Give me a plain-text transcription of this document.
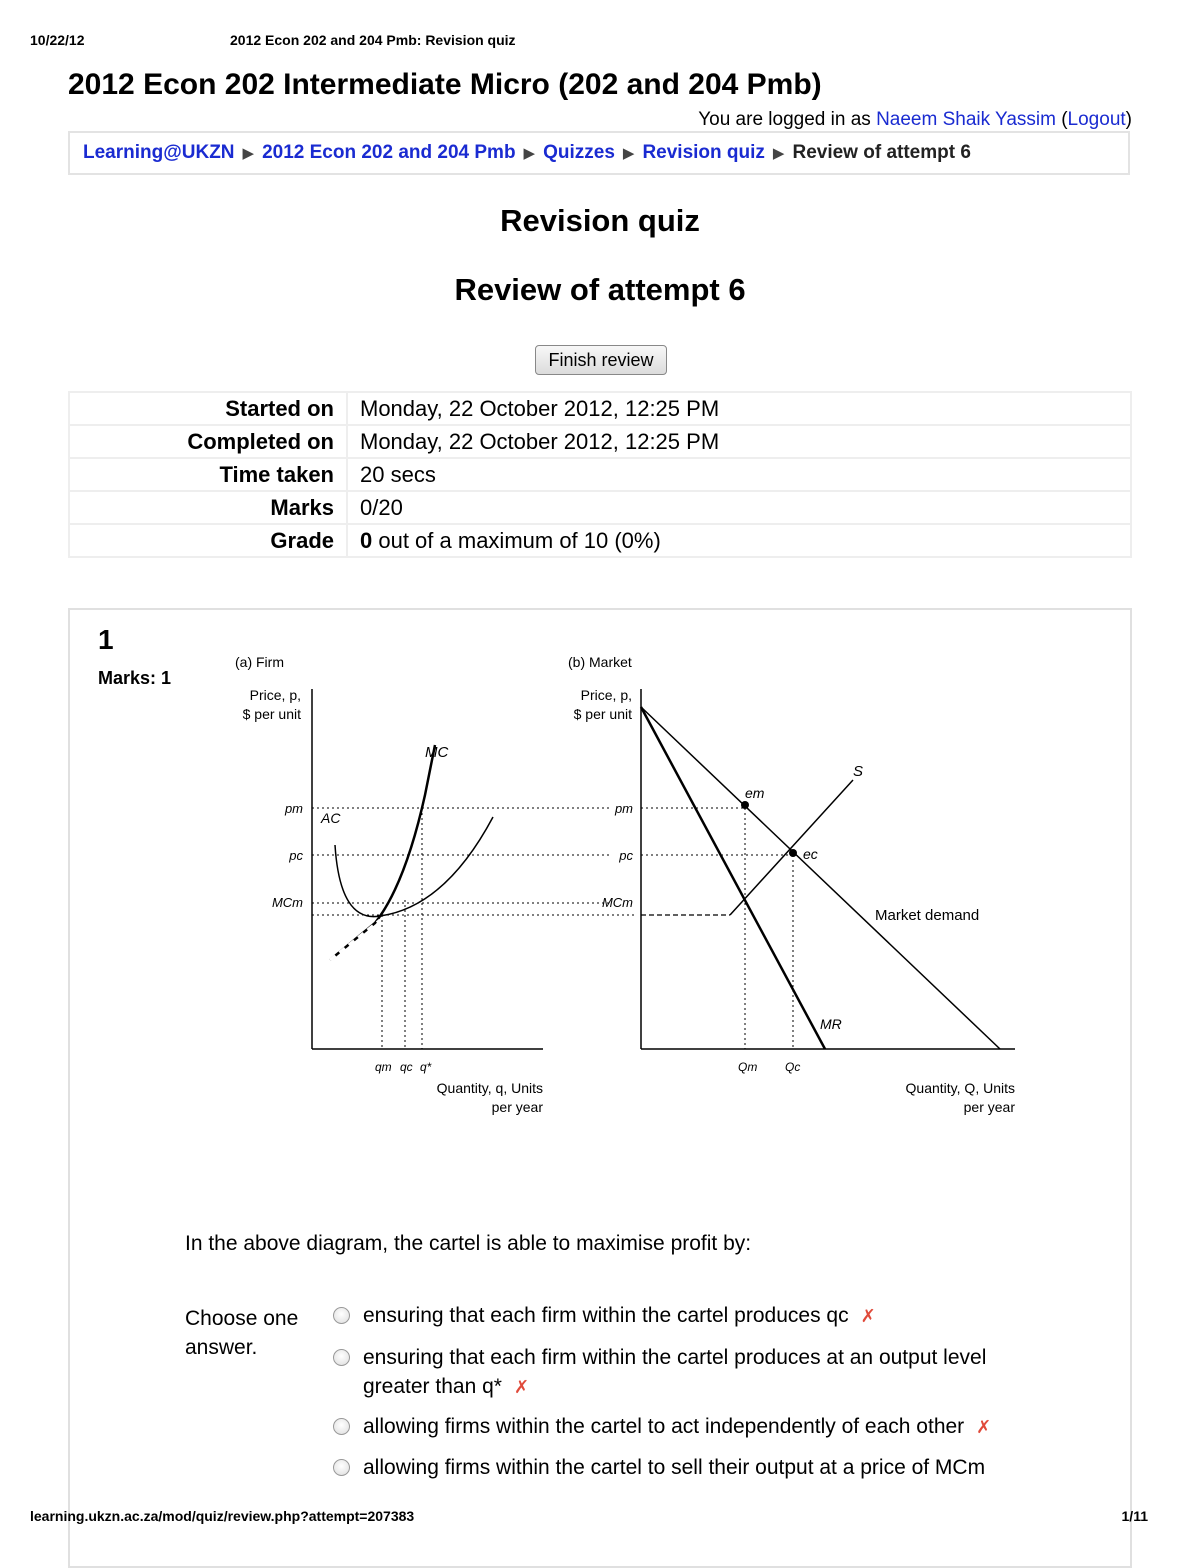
10/22/12	2012 Econ 202 and 204 Pmb: Revision quiz
2012 Econ 202 Intermediate Micro (202 and 204 Pmb)
You are logged in as Naeem Shaik Yassim (Logout)
Learning@UKZN ▶ 2012 Econ 202 and 204 Pmb ▶ Quizzes ▶ Revision quiz ▶ Review of attempt 6
Revision quiz
Review of attempt 6
Finish review
Started on	Monday, 22 October 2012, 12:25 PM
Completed on	Monday, 22 October 2012, 12:25 PM
Time taken	20 secs
Marks	0/20
Grade	0 out of a maximum of 10 (0%)
1
Marks: 1
(a) Firm
Price, p,
$ per unit
pm
pc
MCm
MC
AC
qm qc q*
Quantity, q, Units
per year
(b) Market
Price, p,
$ per unit
pm
pc
MCm
Market demand
MR
S
em
ec
Qm Qc
Quantity, Q, Units
per year
In the above diagram, the cartel is able to maximise profit by:
Choose one answer.
ensuring that each firm within the cartel produces qc ✗
ensuring that each firm within the cartel produces at an output level greater than q* ✗
allowing firms within the cartel to act independently of each other ✗
allowing firms within the cartel to sell their output at a price of MCm
learning.ukzn.ac.za/mod/quiz/review.php?attempt=207383	1/11
